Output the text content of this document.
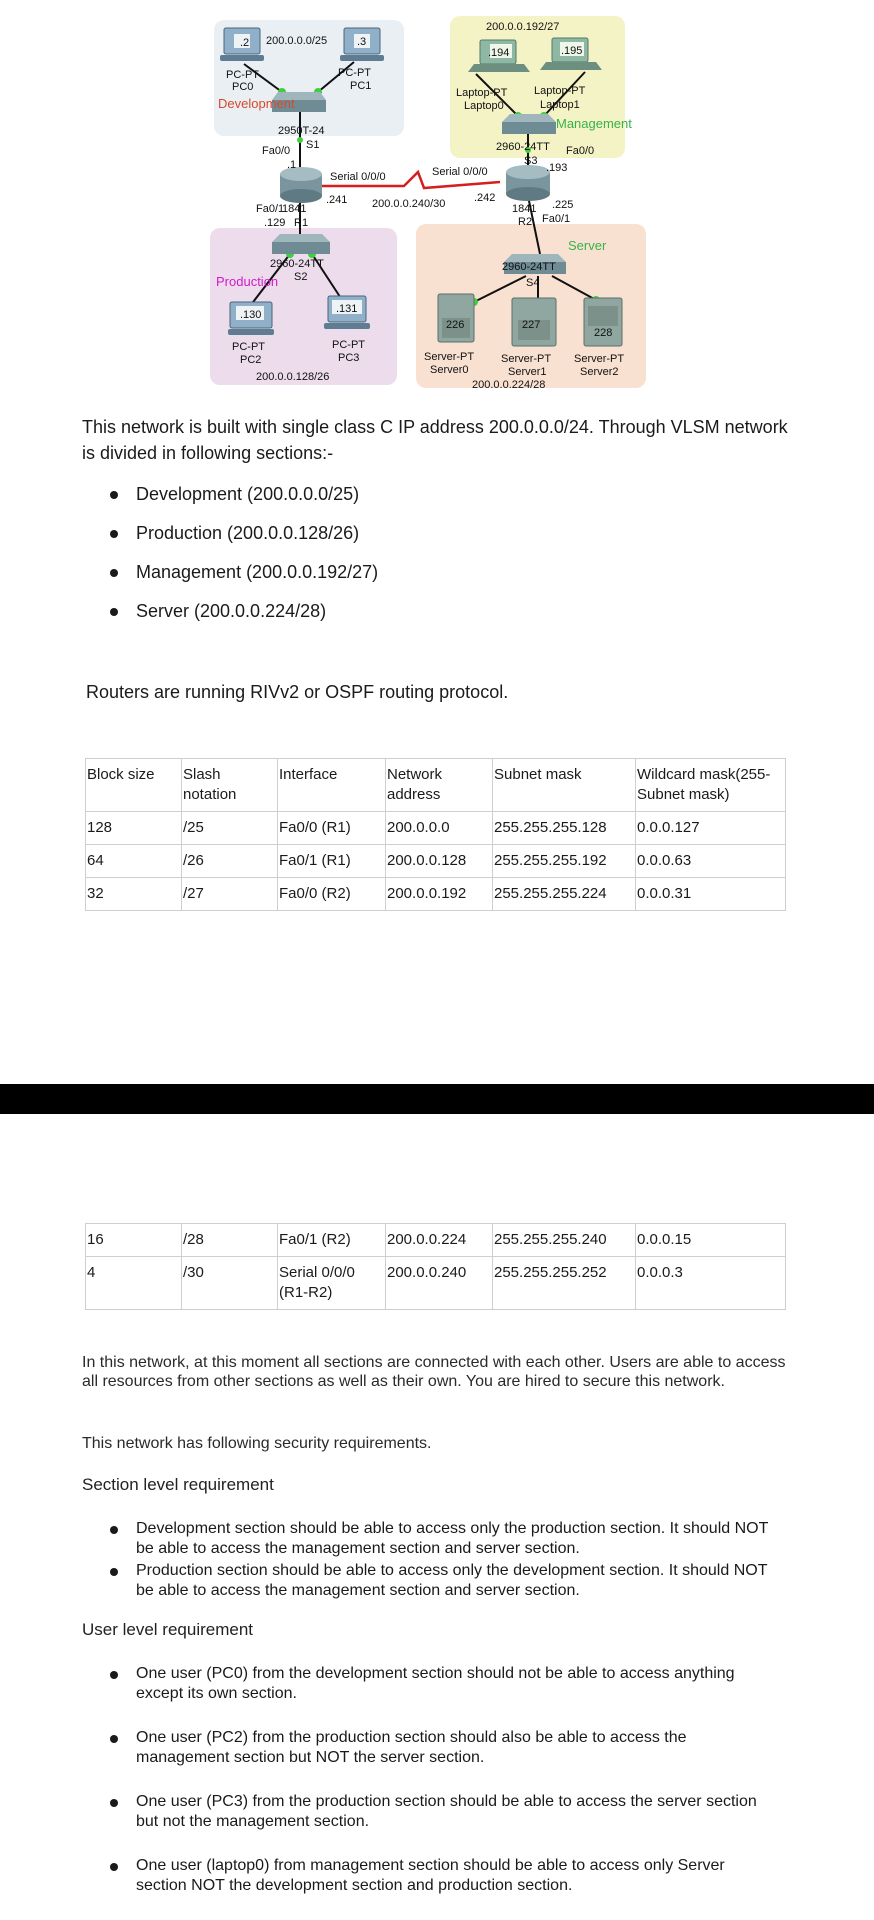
.2 200.0.0.0/25	.3
PC-PT
PC0
PC-PT
PC1
2950T-24
S1
Fa0/0
.1
Serial 0/0/0
.241 200.0.0.240/30
Serial 0/0/0
.242
Fa0/1
1841
.129 R1
200.0.0.192/27
.194	.195
Laptop-PT
Laptop0
Laptop-PT
Laptop1
2960-24TT
S3
.193
Fa0/0
1841 .225
R2 Fa0/1
2960-24TT
S2
.130	.131
PC-PT
PC2
PC-PT
PC3
200.0.0.128/26
2960-24TT
S4
226	227
228
Server-PT
Server0
Server-PT
Server1
Server-PT
Server2
200.0.0.224/28
Development
Management
Production
Server
This network is built with single class C IP address 200.0.0.0/24. Through VLSM network is divided in following sections:-
Development (200.0.0.0/25)
Production (200.0.0.128/26)
Management (200.0.0.192/27)
Server (200.0.0.224/28)
Routers are running RIVv2 or OSPF routing protocol.
Block size	Slash notation	Interface	Network address	Subnet mask	Wildcard mask(255-Subnet mask)
128	/25	Fa0/0 (R1)	200.0.0.0	255.255.255.128	0.0.0.127
64	/26	Fa0/1 (R1)	200.0.0.128	255.255.255.192	0.0.0.63
32	/27	Fa0/0 (R2)	200.0.0.192	255.255.255.224	0.0.0.31
16	/28	Fa0/1 (R2)	200.0.0.224	255.255.255.240	0.0.0.15
4	/30	Serial 0/0/0 (R1-R2)	200.0.0.240	255.255.255.252	0.0.0.3
In this network, at this moment all sections are connected with each other. Users are able to access all resources from other sections as well as their own. You are hired to secure this network.
This network has following security requirements.
Section level requirement
Development section should be able to access only the production section. It should NOT be able to access the management section and server section.
Production section should be able to access only the development section. It should NOT be able to access the management section and server section.
User level requirement
One user (PC0) from the development section should not be able to access anything except its own section.
One user (PC2) from the production section should also be able to access the management section but NOT the server section.
One user (PC3) from the production section should be able to access the server section but not the management section.
One user (laptop0) from management section should be able to access only Server section NOT the development section and production section.
